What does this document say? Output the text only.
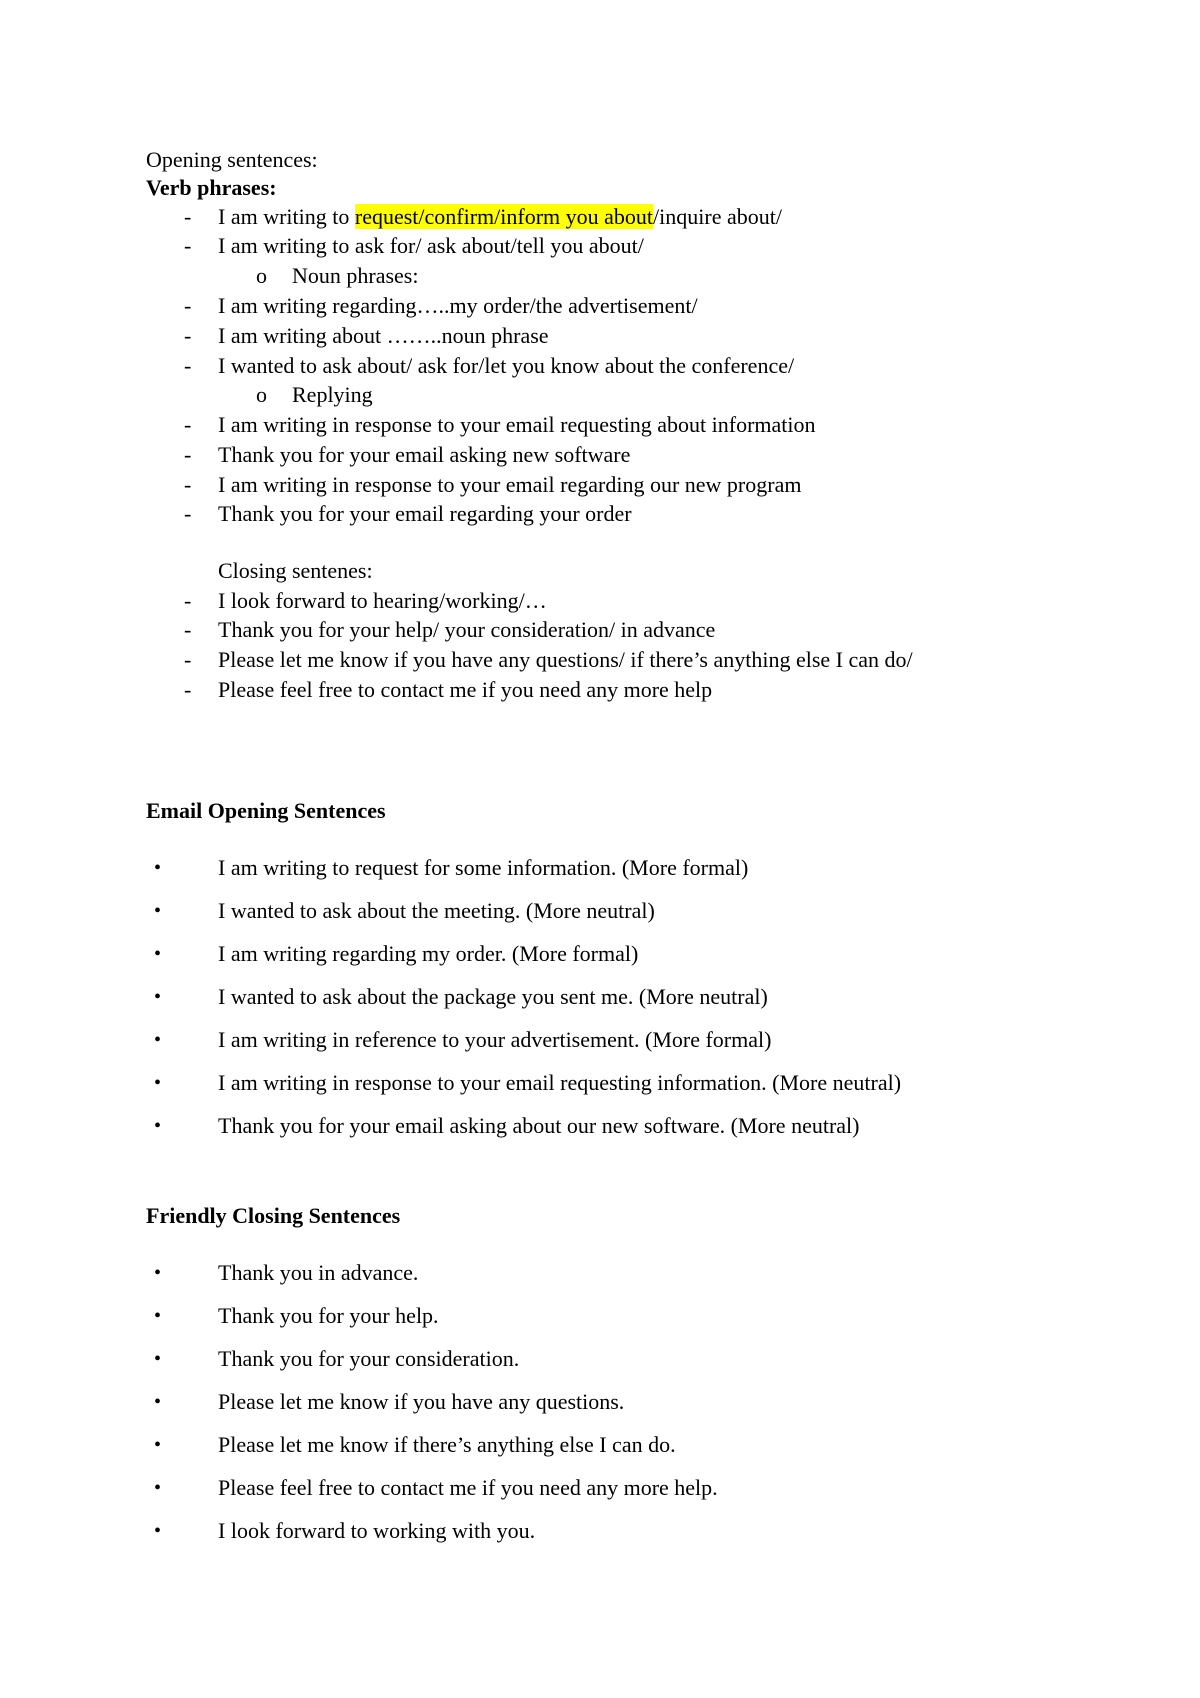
Opening sentences:
Verb phrases:
- I am writing to request/confirm/inform you about/inquire about/
- I am writing to ask for/ ask about/tell you about/
o Noun phrases:
- I am writing regarding…..my order/the advertisement/
- I am writing about ……..noun phrase
- I wanted to ask about/ ask for/let you know about the conference/
o Replying
- I am writing in response to your email requesting about information
- Thank you for your email asking new software
- I am writing in response to your email regarding our new program
- Thank you for your email regarding your order
Closing sentenes:
- I look forward to hearing/working/…
- Thank you for your help/ your consideration/ in advance
- Please let me know if you have any questions/ if there’s anything else I can do/
- Please feel free to contact me if you need any more help
Email Opening Sentences
•	I am writing to request for some information. (More formal)
•	I wanted to ask about the meeting. (More neutral)
•	I am writing regarding my order. (More formal)
•	I wanted to ask about the package you sent me. (More neutral)
•	I am writing in reference to your advertisement. (More formal)
•	I am writing in response to your email requesting information. (More neutral)
•	Thank you for your email asking about our new software. (More neutral)
Friendly Closing Sentences
•	Thank you in advance.
•	Thank you for your help.
•	Thank you for your consideration.
•	Please let me know if you have any questions.
•	Please let me know if there’s anything else I can do.
•	Please feel free to contact me if you need any more help.
•	I look forward to working with you.
